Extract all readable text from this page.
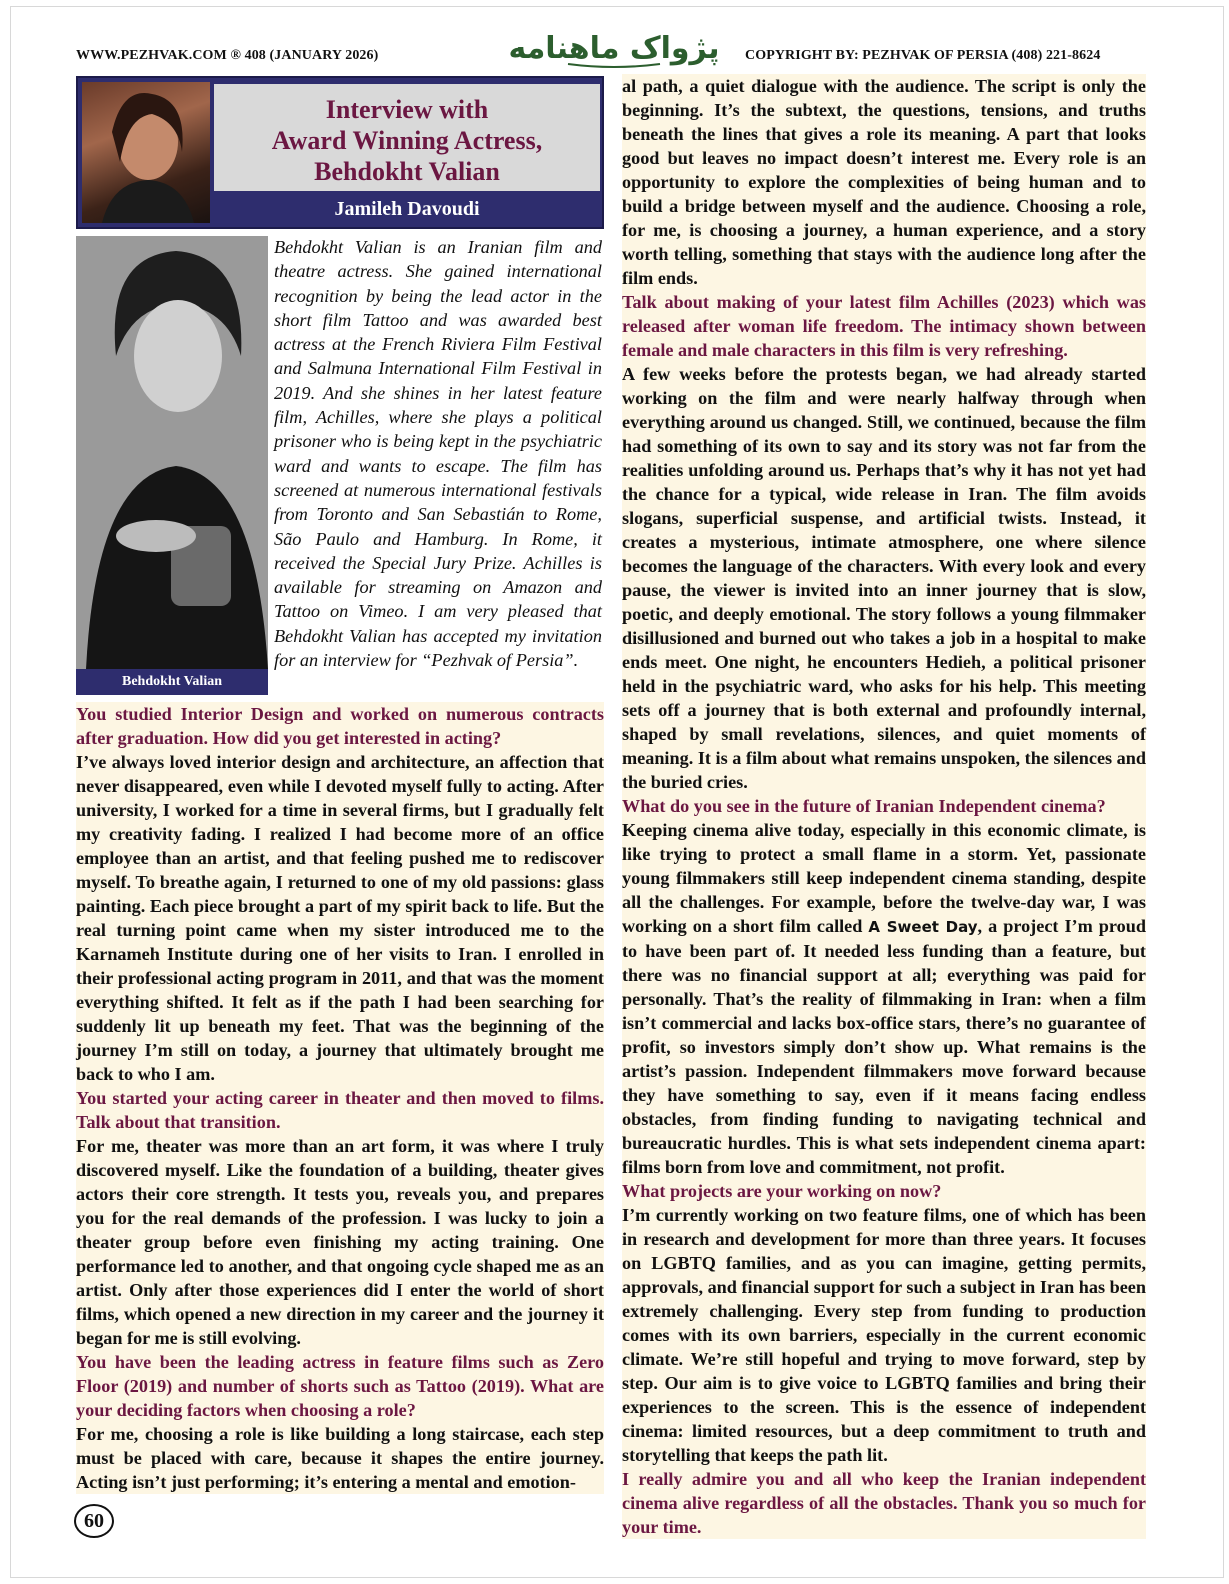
WWW.PEZHVAK.COM ® 408 (JANUARY 2026)	پژواک ماهنامه COPYRIGHT BY: PEZHVAK OF PERSIA (408) 221-8624

Interview with
Award Winning Actress,
Behdokht Valian

Jamileh Davoudi
Behdokht Valian

Behdokht Valian is an Iranian film and theatre actress. She gained international recognition by being the lead actor in the short film Tattoo and was awarded best actress at the French Riviera Film Festival and Salmuna International Film Festival in 2019. And she shines in her latest feature film, Achilles, where she plays a political prisoner who is being kept in the psychiatric ward and wants to escape. The film has screened at numerous international festivals from Toronto and San Sebastián to Rome, São Paulo and Hamburg. In Rome, it received the Special Jury Prize. Achilles is available for streaming on Amazon and Tattoo on Vimeo. I am very pleased that Behdokht Valian has accepted my invitation for an interview for “Pezhvak of Persia”.

You studied Interior Design and worked on numerous contracts after graduation. How did you get interested in acting?

I’ve always loved interior design and architecture, an affection that never disappeared, even while I devoted myself fully to acting. After university, I worked for a time in several firms, but I gradually felt my creativity fading. I realized I had become more of an office employee than an artist, and that feeling pushed me to rediscover myself. To breathe again, I returned to one of my old passions: glass painting. Each piece brought a part of my spirit back to life. But the real turning point came when my sister introduced me to the Karnameh Institute during one of her visits to Iran. I enrolled in their professional acting program in 2011, and that was the moment everything shifted. It felt as if the path I had been searching for suddenly lit up beneath my feet. That was the beginning of the journey I’m still on today, a journey that ultimately brought me back to who I am.

You started your acting career in theater and then moved to films. Talk about that transition.

For me, theater was more than an art form, it was where I truly discovered myself. Like the foundation of a building, theater gives actors their core strength. It tests you, reveals you, and prepares you for the real demands of the profession. I was lucky to join a theater group before even finishing my acting training. One performance led to another, and that ongoing cycle shaped me as an artist. Only after those experiences did I enter the world of short films, which opened a new direction in my career and the journey it began for me is still evolving.

You have been the leading actress in feature films such as Zero Floor (2019) and number of shorts such as Tattoo (2019). What are your deciding factors when choosing a role?

For me, choosing a role is like building a long staircase, each step must be placed with care, because it shapes the entire journey. Acting isn’t just performing; it’s entering a mental and emotion-

al path, a quiet dialogue with the audience. The script is only the beginning. It’s the subtext, the questions, tensions, and truths beneath the lines that gives a role its meaning. A part that looks good but leaves no impact doesn’t interest me. Every role is an opportunity to explore the complexities of being human and to build a bridge between myself and the audience. Choosing a role, for me, is choosing a journey, a human experience, and a story worth telling, something that stays with the audience long after the film ends.

Talk about making of your latest film Achilles (2023) which was released after woman life freedom. The intimacy shown between female and male characters in this film is very refreshing.

A few weeks before the protests began, we had already started working on the film and were nearly halfway through when everything around us changed. Still, we continued, because the film had something of its own to say and its story was not far from the realities unfolding around us. Perhaps that’s why it has not yet had the chance for a typical, wide release in Iran. The film avoids slogans, superficial suspense, and artificial twists. Instead, it creates a mysterious, intimate atmosphere, one where silence becomes the language of the characters. With every look and every pause, the viewer is invited into an inner journey that is slow, poetic, and deeply emotional. The story follows a young filmmaker disillusioned and burned out who takes a job in a hospital to make ends meet. One night, he encounters Hedieh, a political prisoner held in the psychiatric ward, who asks for his help. This meeting sets off a journey that is both external and profoundly internal, shaped by small revelations, silences, and quiet moments of meaning. It is a film about what remains unspoken, the silences and the buried cries.

What do you see in the future of Iranian Independent cinema?

Keeping cinema alive today, especially in this economic climate, is like trying to protect a small flame in a storm. Yet, passionate young filmmakers still keep independent cinema standing, despite all the challenges. For example, before the twelve-day war, I was working on a short film called A Sweet Day, a project I’m proud to have been part of. It needed less funding than a feature, but there was no financial support at all; everything was paid for personally. That’s the reality of filmmaking in Iran: when a film isn’t commercial and lacks box-office stars, there’s no guarantee of profit, so investors simply don’t show up. What remains is the artist’s passion. Independent filmmakers move forward because they have something to say, even if it means facing endless obstacles, from finding funding to navigating technical and bureaucratic hurdles. This is what sets independent cinema apart: films born from love and commitment, not profit.

What projects are your working on now?

I’m currently working on two feature films, one of which has been in research and development for more than three years. It focuses on LGBTQ families, and as you can imagine, getting permits, approvals, and financial support for such a subject in Iran has been extremely challenging. Every step from funding to production comes with its own barriers, especially in the current economic climate. We’re still hopeful and trying to move forward, step by step. Our aim is to give voice to LGBTQ families and bring their experiences to the screen. This is the essence of independent cinema: limited resources, but a deep commitment to truth and storytelling that keeps the path lit.

I really admire you and all who keep the Iranian independent cinema alive regardless of all the obstacles. Thank you so much for your time.

60
